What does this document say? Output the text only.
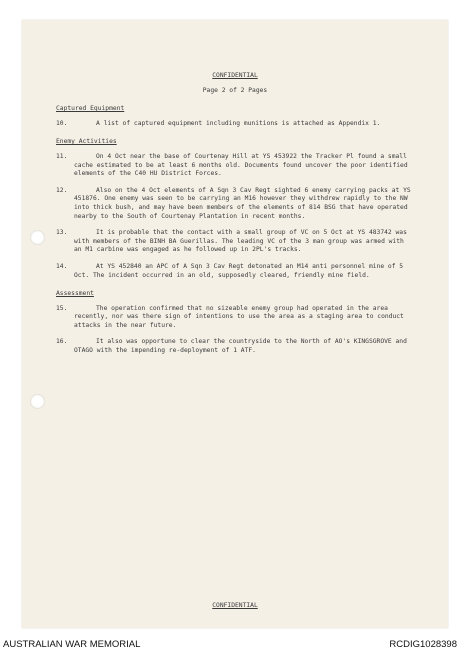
CONFIDENTIAL
Page 2 of 2 Pages
Captured Equipment
10.	A list of captured equipment including munitions is attached as Appendix 1.
Enemy Activities
11.	On 4 Oct near the base of Courtenay Hill at YS 453922 the Tracker Pl found a small cache estimated to be at least 6 months old. Documents found uncover the poor identified elements of the C40 HU District Forces.
12.	Also on the 4 Oct elements of A Sqn 3 Cav Regt sighted 6 enemy carrying packs at YS 451876. One enemy was seen to be carrying an M16 however they withdrew rapidly to the NW into thick bush, and may have been members of the elements of 814 BSG that have operated nearby to the South of Courtenay Plantation in recent months.
13.	It is probable that the contact with a small group of VC on 5 Oct at YS 483742 was with members of the BINH BA Guerillas. The leading VC of the 3 man group was armed with an M1 carbine was engaged as he followed up in 2PL's tracks.
14.	At YS 452840 an APC of A Sqn 3 Cav Regt detonated an M14 anti personnel mine of 5 Oct. The incident occurred in an old, supposedly cleared, friendly mine field.
Assessment
15.	The operation confirmed that no sizeable enemy group had operated in the area recently, nor was there sign of intentions to use the area as a staging area to conduct attacks in the near future.
16.	It also was opportune to clear the countryside to the North of AO's KINGSGROVE and OTAGO with the impending re-deployment of 1 ATF.
CONFIDENTIAL
AUSTRALIAN WAR MEMORIAL	RCDIG1028398
